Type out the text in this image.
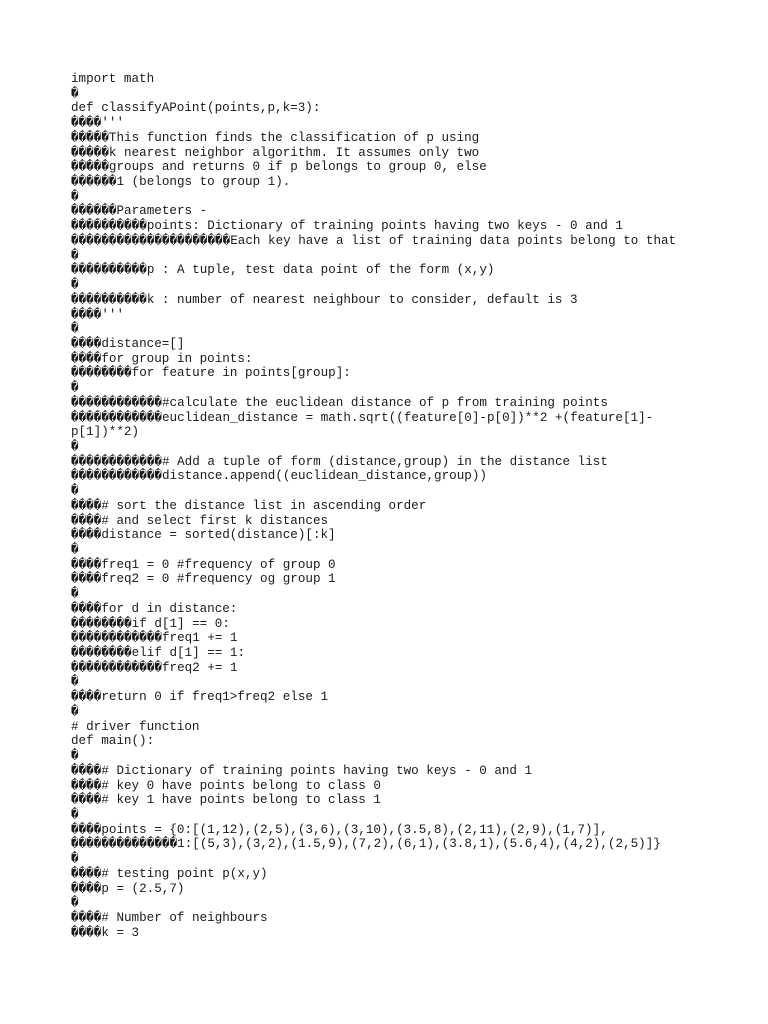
import math
�
def classifyAPoint(points,p,k=3):
����'''
�����This function finds the classification of p using
�����k nearest neighbor algorithm. It assumes only two
�����groups and returns 0 if p belongs to group 0, else
������1 (belongs to group 1).
�
������Parameters -
����������points: Dictionary of training points having two keys - 0 and 1
���������������������Each key have a list of training data points belong to that
�
����������p : A tuple, test data point of the form (x,y)
�
����������k : number of nearest neighbour to consider, default is 3
����'''
�
����distance=[]
����for group in points:
��������for feature in points[group]:
�
������������#calculate the euclidean distance of p from training points
������������euclidean_distance = math.sqrt((feature[0]-p[0])**2 +(feature[1]-
p[1])**2)
�
������������# Add a tuple of form (distance,group) in the distance list
������������distance.append((euclidean_distance,group))
�
����# sort the distance list in ascending order
����# and select first k distances
����distance = sorted(distance)[:k]
�
����freq1 = 0 #frequency of group 0
����freq2 = 0 #frequency og group 1
�
����for d in distance:
��������if d[1] == 0:
������������freq1 += 1
��������elif d[1] == 1:
������������freq2 += 1
�
����return 0 if freq1>freq2 else 1
�
# driver function
def main():
�
����# Dictionary of training points having two keys - 0 and 1
����# key 0 have points belong to class 0
����# key 1 have points belong to class 1
�
����points = {0:[(1,12),(2,5),(3,6),(3,10),(3.5,8),(2,11),(2,9),(1,7)],
��������������1:[(5,3),(3,2),(1.5,9),(7,2),(6,1),(3.8,1),(5.6,4),(4,2),(2,5)]}
�
����# testing point p(x,y)
����p = (2.5,7)
�
����# Number of neighbours
����k = 3
